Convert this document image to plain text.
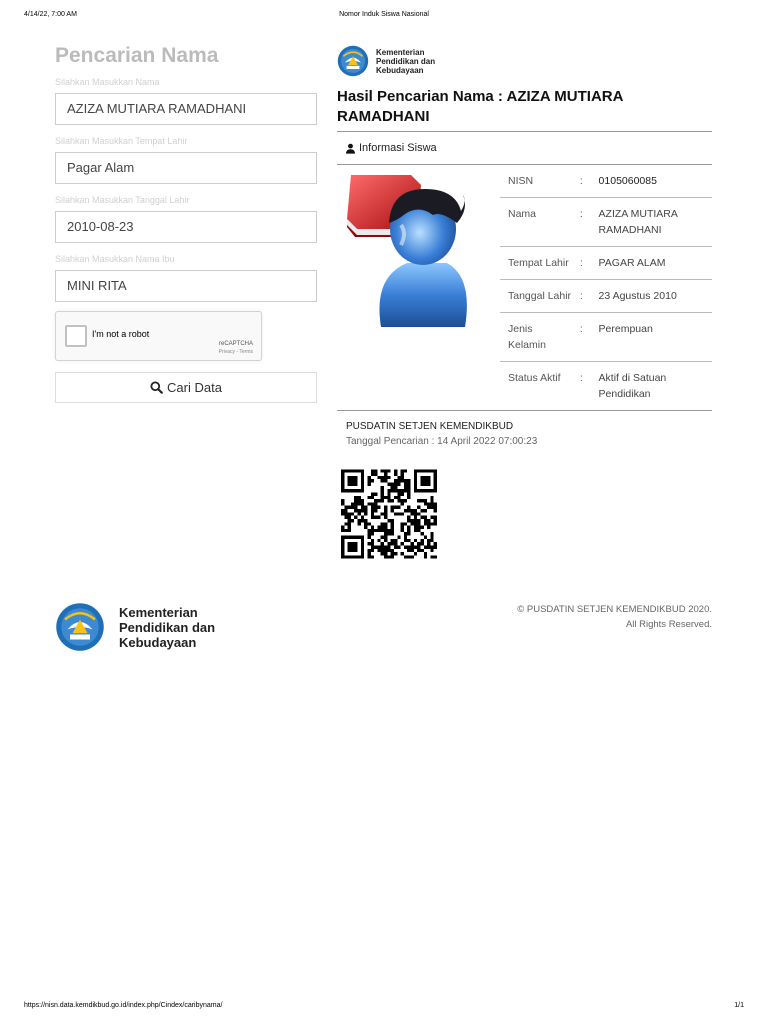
4/14/22, 7:00 AM	Nomor Induk Siswa Nasional
Pencarian Nama
Silahkan Masukkan Nama
AZIZA MUTIARA RAMADHANI
Silahkan Masukkan Tempat Lahir
Pagar Alam
Silahkan Masukkan Tanggal Lahir
2010-08-23
Silahkan Masukkan Nama Ibu
MINI RITA
I'm not a robot
reCAPTCHA
Privacy - Terms
Cari Data
Kementerian
Pendidikan dan
Kebudayaan
Hasil Pencarian Nama : AZIZA MUTIARA RAMADHANI
Informasi Siswa
NISN	:	0105060085
Nama	:	AZIZA MUTIARA RAMADHANI
Tempat Lahir	:	PAGAR ALAM
Tanggal Lahir	:	23 Agustus 2010
Jenis Kelamin	:	Perempuan
Status Aktif	:	Aktif di Satuan Pendidikan
PUSDATIN SETJEN KEMENDIKBUD
Tanggal Pencarian : 14 April 2022 07:00:23
Kementerian
Pendidikan dan
Kebudayaan
© PUSDATIN SETJEN KEMENDIKBUD 2020.
All Rights Reserved.
https://nisn.data.kemdikbud.go.id/index.php/Cindex/caribynama/	1/1
